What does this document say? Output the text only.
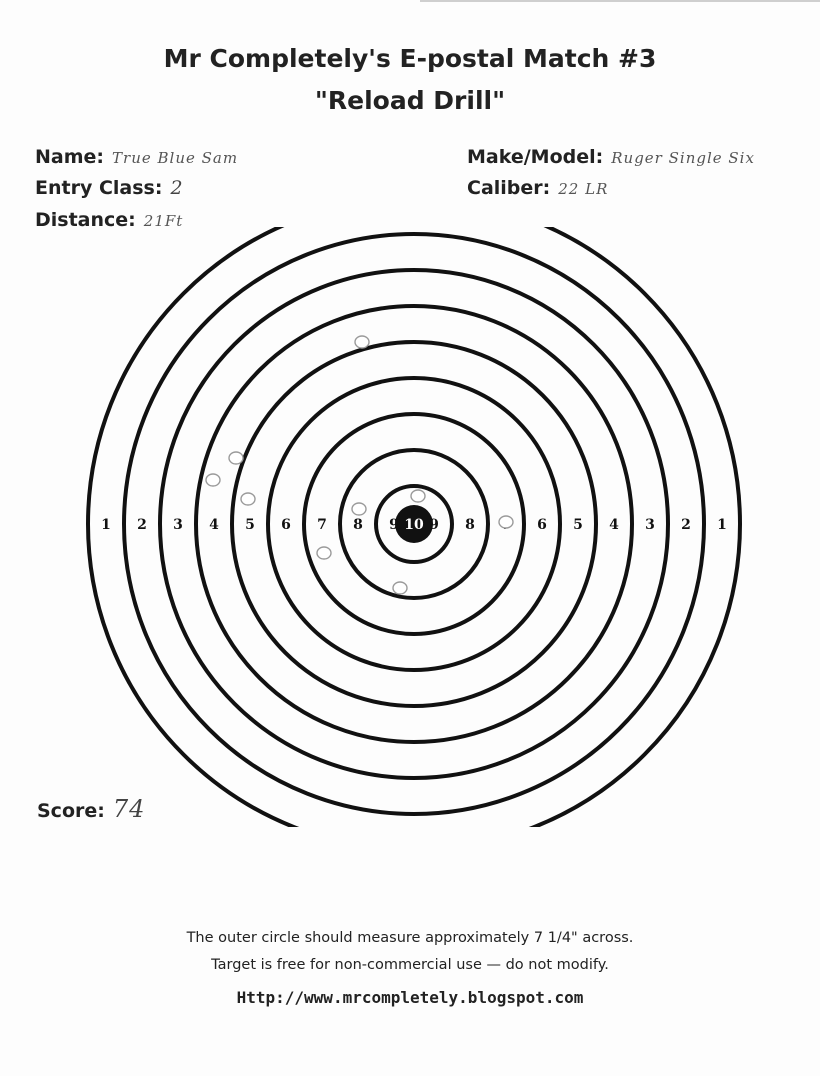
Mr Completely's E-postal Match #3
"Reload Drill"
Name: True Blue Sam
Entry Class: 2
Distance: 21Ft
Make/Model: Ruger Single Six
Caliber: 22 LR
1 2 3 4 5 6 7 8 9 9 8	6 5 4 3 2 1
10
Score: 74
The outer circle should measure approximately 7 1/4" across.
Target is free for non-commercial use — do not modify.
Http://www.mrcompletely.blogspot.com
